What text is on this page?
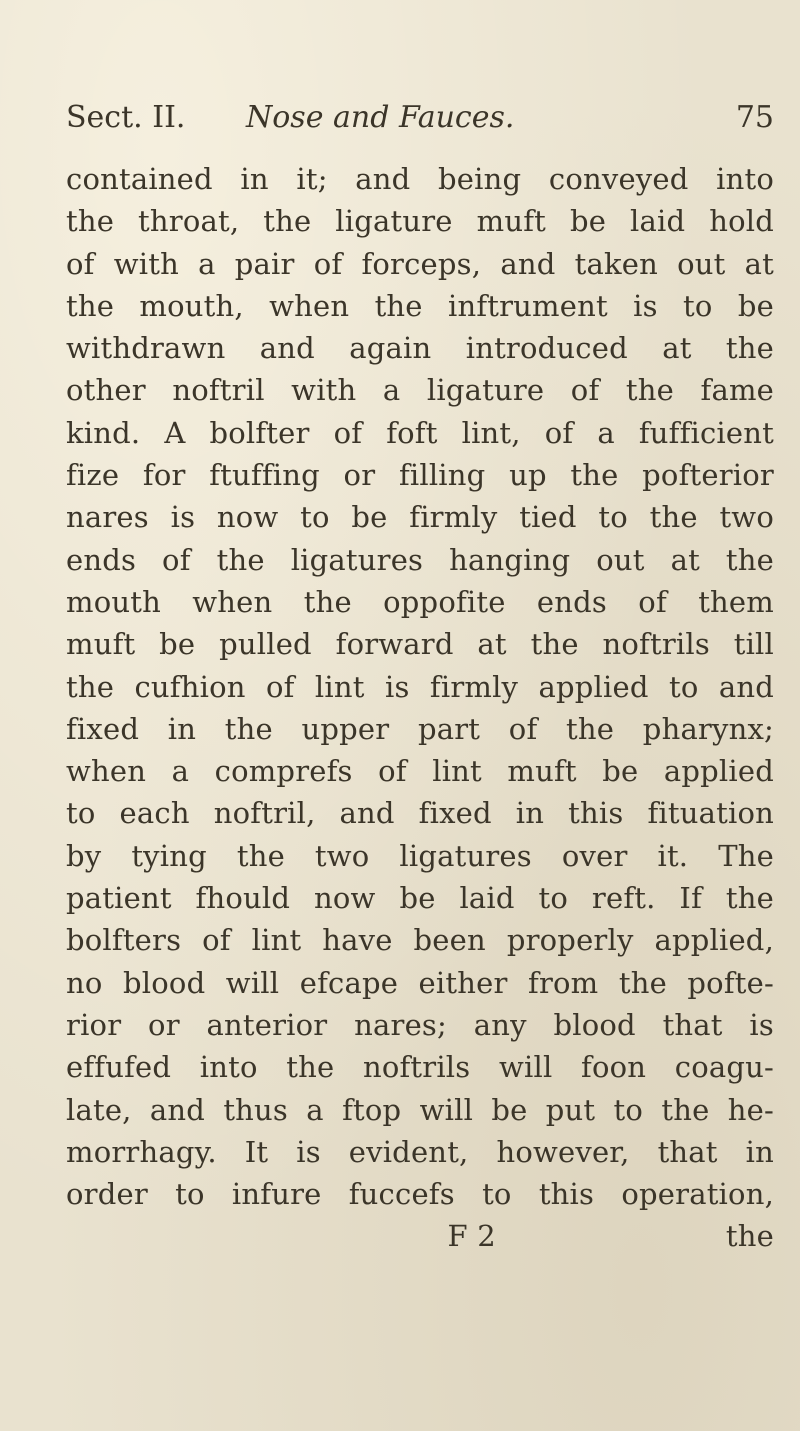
Sect. II. Nose and Fauces.	75
contained in it; and being conveyed into
the throat, the ligature muft be laid hold
of with a pair of forceps, and taken out at
the mouth, when the inftrument is to be
withdrawn and again introduced at the
other noftril with a ligature of the fame
kind. A bolfter of foft lint, of a fufficient
fize for ftuffing or filling up the pofterior
nares is now to be firmly tied to the two
ends of the ligatures hanging out at the
mouth when the oppofite ends of them
muft be pulled forward at the noftrils till
the cufhion of lint is firmly applied to and
fixed in the upper part of the pharynx;
when a comprefs of lint muft be applied
to each noftril, and fixed in this fituation
by tying the two ligatures over it. The
patient fhould now be laid to reft. If the
bolfters of lint have been properly applied,
no blood will efcape either from the pofte-
rior or anterior nares; any blood that is
effufed into the noftrils will foon coagu-
late, and thus a ftop will be put to the he-
morrhagy. It is evident, however, that in
order to infure fuccefs to this operation,
F 2	the
